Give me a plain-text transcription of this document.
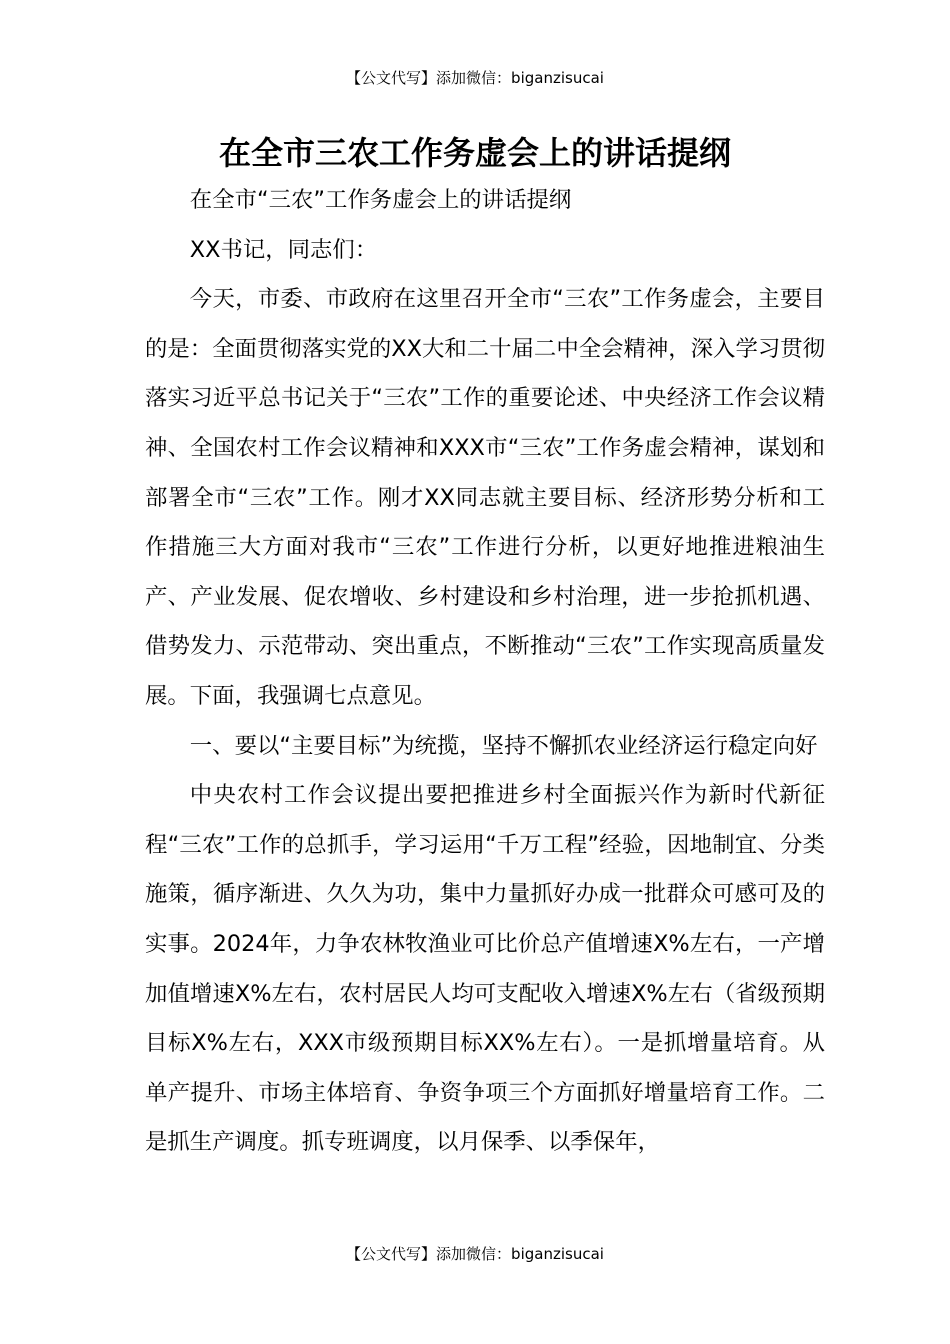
【公文代写】添加微信：biganzisucai
在全市三农工作务虚会上的讲话提纲

在全市“三农”工作务虚会上的讲话提纲

XX书记，同志们：

今天，市委、市政府在这里召开全市“三农”工作务虚会，主要目的是：全面贯彻落实党的XX大和二十届二中全会精神，深入学习贯彻落实习近平总书记关于“三农”工作的重要论述、中央经济工作会议精神、全国农村工作会议精神和XXX市“三农”工作务虚会精神，谋划和部署全市“三农”工作。刚才XX同志就主要目标、经济形势分析和工作措施三大方面对我市“三农”工作进行分析，以更好地推进粮油生产、产业发展、促农增收、乡村建设和乡村治理，进一步抢抓机遇、借势发力、示范带动、突出重点，不断推动“三农”工作实现高质量发展。下面，我强调七点意见。

一、要以“主要目标”为统揽，坚持不懈抓农业经济运行稳定向好

中央农村工作会议提出要把推进乡村全面振兴作为新时代新征程“三农”工作的总抓手，学习运用“千万工程”经验，因地制宜、分类施策，循序渐进、久久为功，集中力量抓好办成一批群众可感可及的实事。2024年，力争农林牧渔业可比价总产值增速X%左右，一产增加值增速X%左右，农村居民人均可支配收入增速X%左右（省级预期目标X%左右，XXX市级预期目标XX%左右）。一是抓增量培育。从单产提升、市场主体培育、争资争项三个方面抓好增量培育工作。二是抓生产调度。抓专班调度，以月保季、以季保年，

【公文代写】添加微信：biganzisucai
